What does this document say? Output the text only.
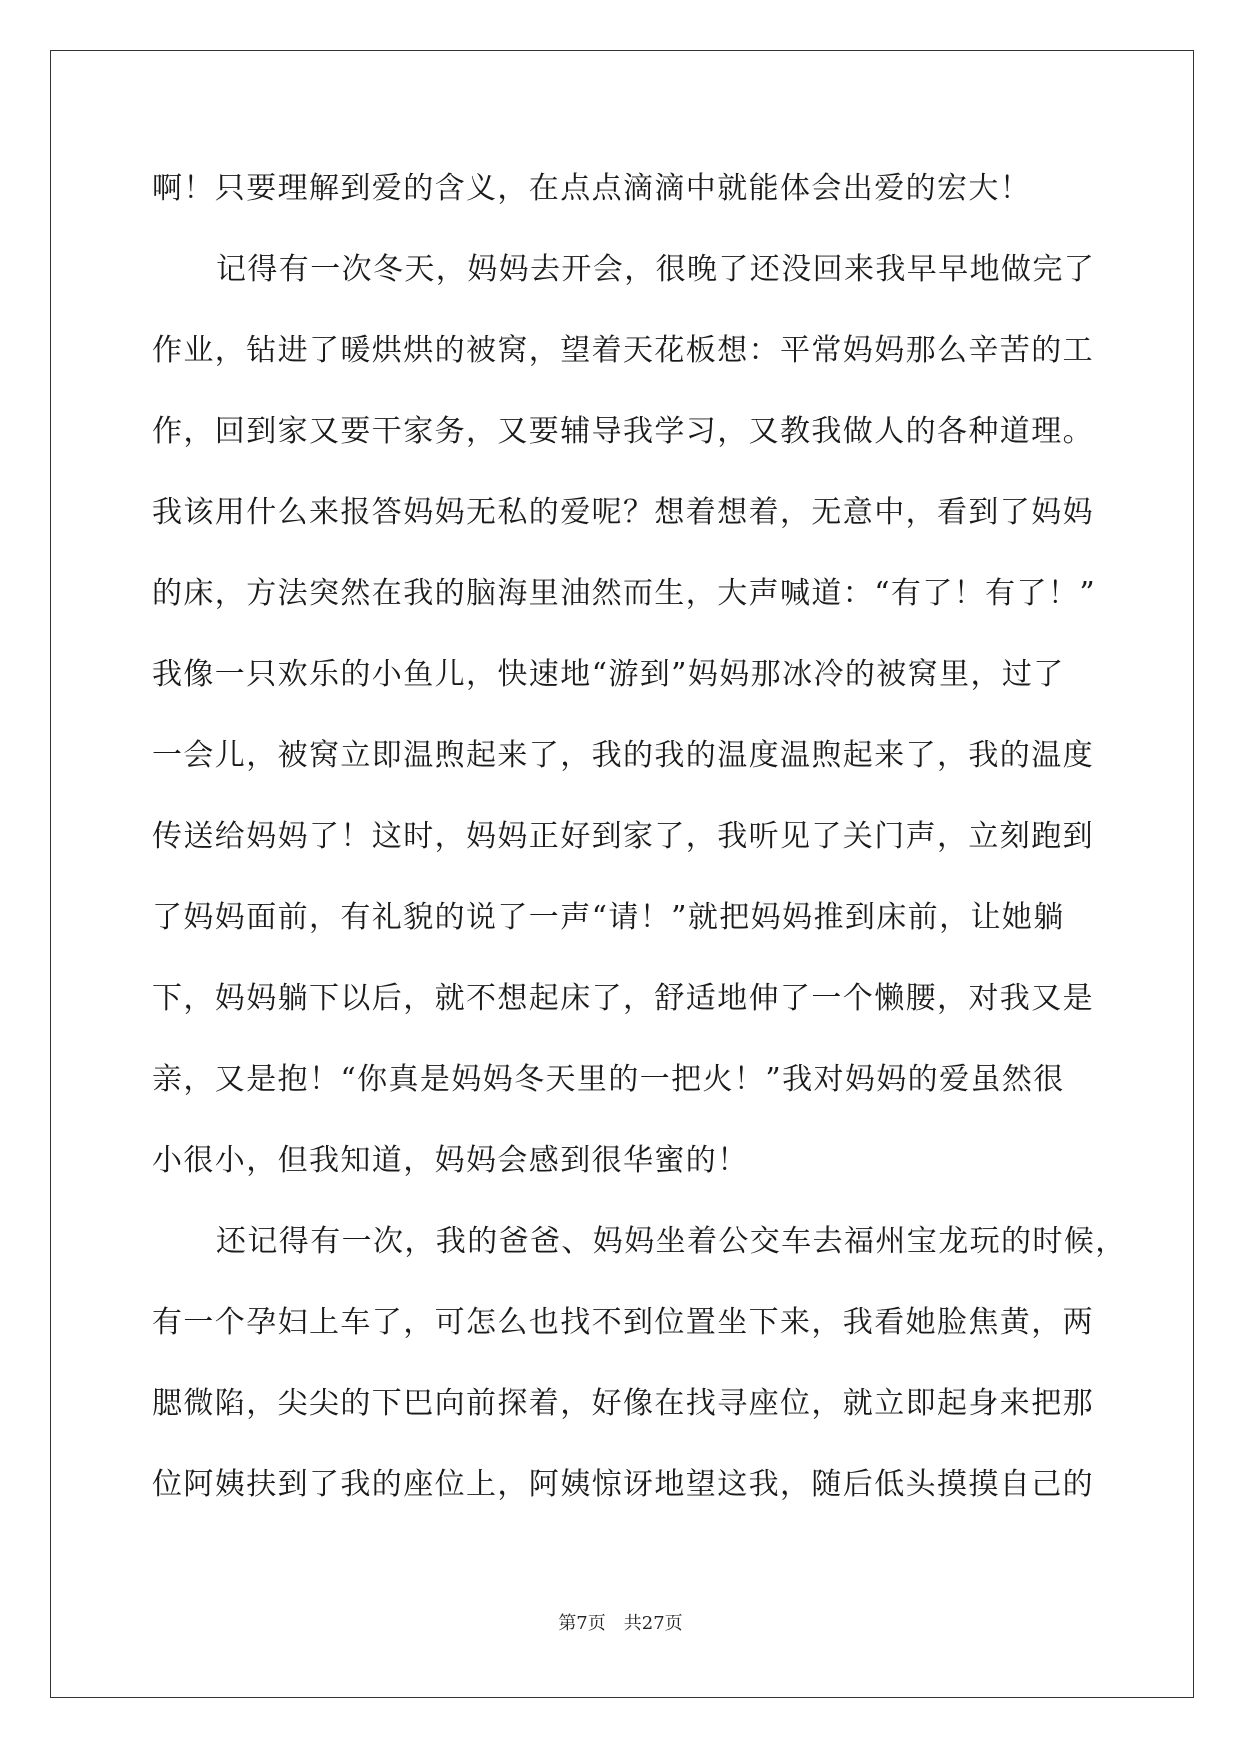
啊！只要理解到爱的含义，在点点滴滴中就能体会出爱的宏大！
记得有一次冬天，妈妈去开会，很晚了还没回来我早早地做完了
作业，钻进了暖烘烘的被窝，望着天花板想：平常妈妈那么辛苦的工
作，回到家又要干家务，又要辅导我学习，又教我做人的各种道理。
我该用什么来报答妈妈无私的爱呢？想着想着，无意中，看到了妈妈
的床，方法突然在我的脑海里油然而生，大声喊道：“有了！有了！”
我像一只欢乐的小鱼儿，快速地“游到”妈妈那冰冷的被窝里，过了
一会儿，被窝立即温煦起来了，我的我的温度温煦起来了，我的温度
传送给妈妈了！这时，妈妈正好到家了，我听见了关门声，立刻跑到
了妈妈面前，有礼貌的说了一声“请！”就把妈妈推到床前，让她躺
下，妈妈躺下以后，就不想起床了，舒适地伸了一个懒腰，对我又是
亲，又是抱！“你真是妈妈冬天里的一把火！”我对妈妈的爱虽然很
小很小，但我知道，妈妈会感到很华蜜的！
还记得有一次，我的爸爸、妈妈坐着公交车去福州宝龙玩的时候，
有一个孕妇上车了，可怎么也找不到位置坐下来，我看她脸焦黄，两
腮微陷，尖尖的下巴向前探着，好像在找寻座位，就立即起身来把那
位阿姨扶到了我的座位上，阿姨惊讶地望这我，随后低头摸摸自己的
第7页 共27页
